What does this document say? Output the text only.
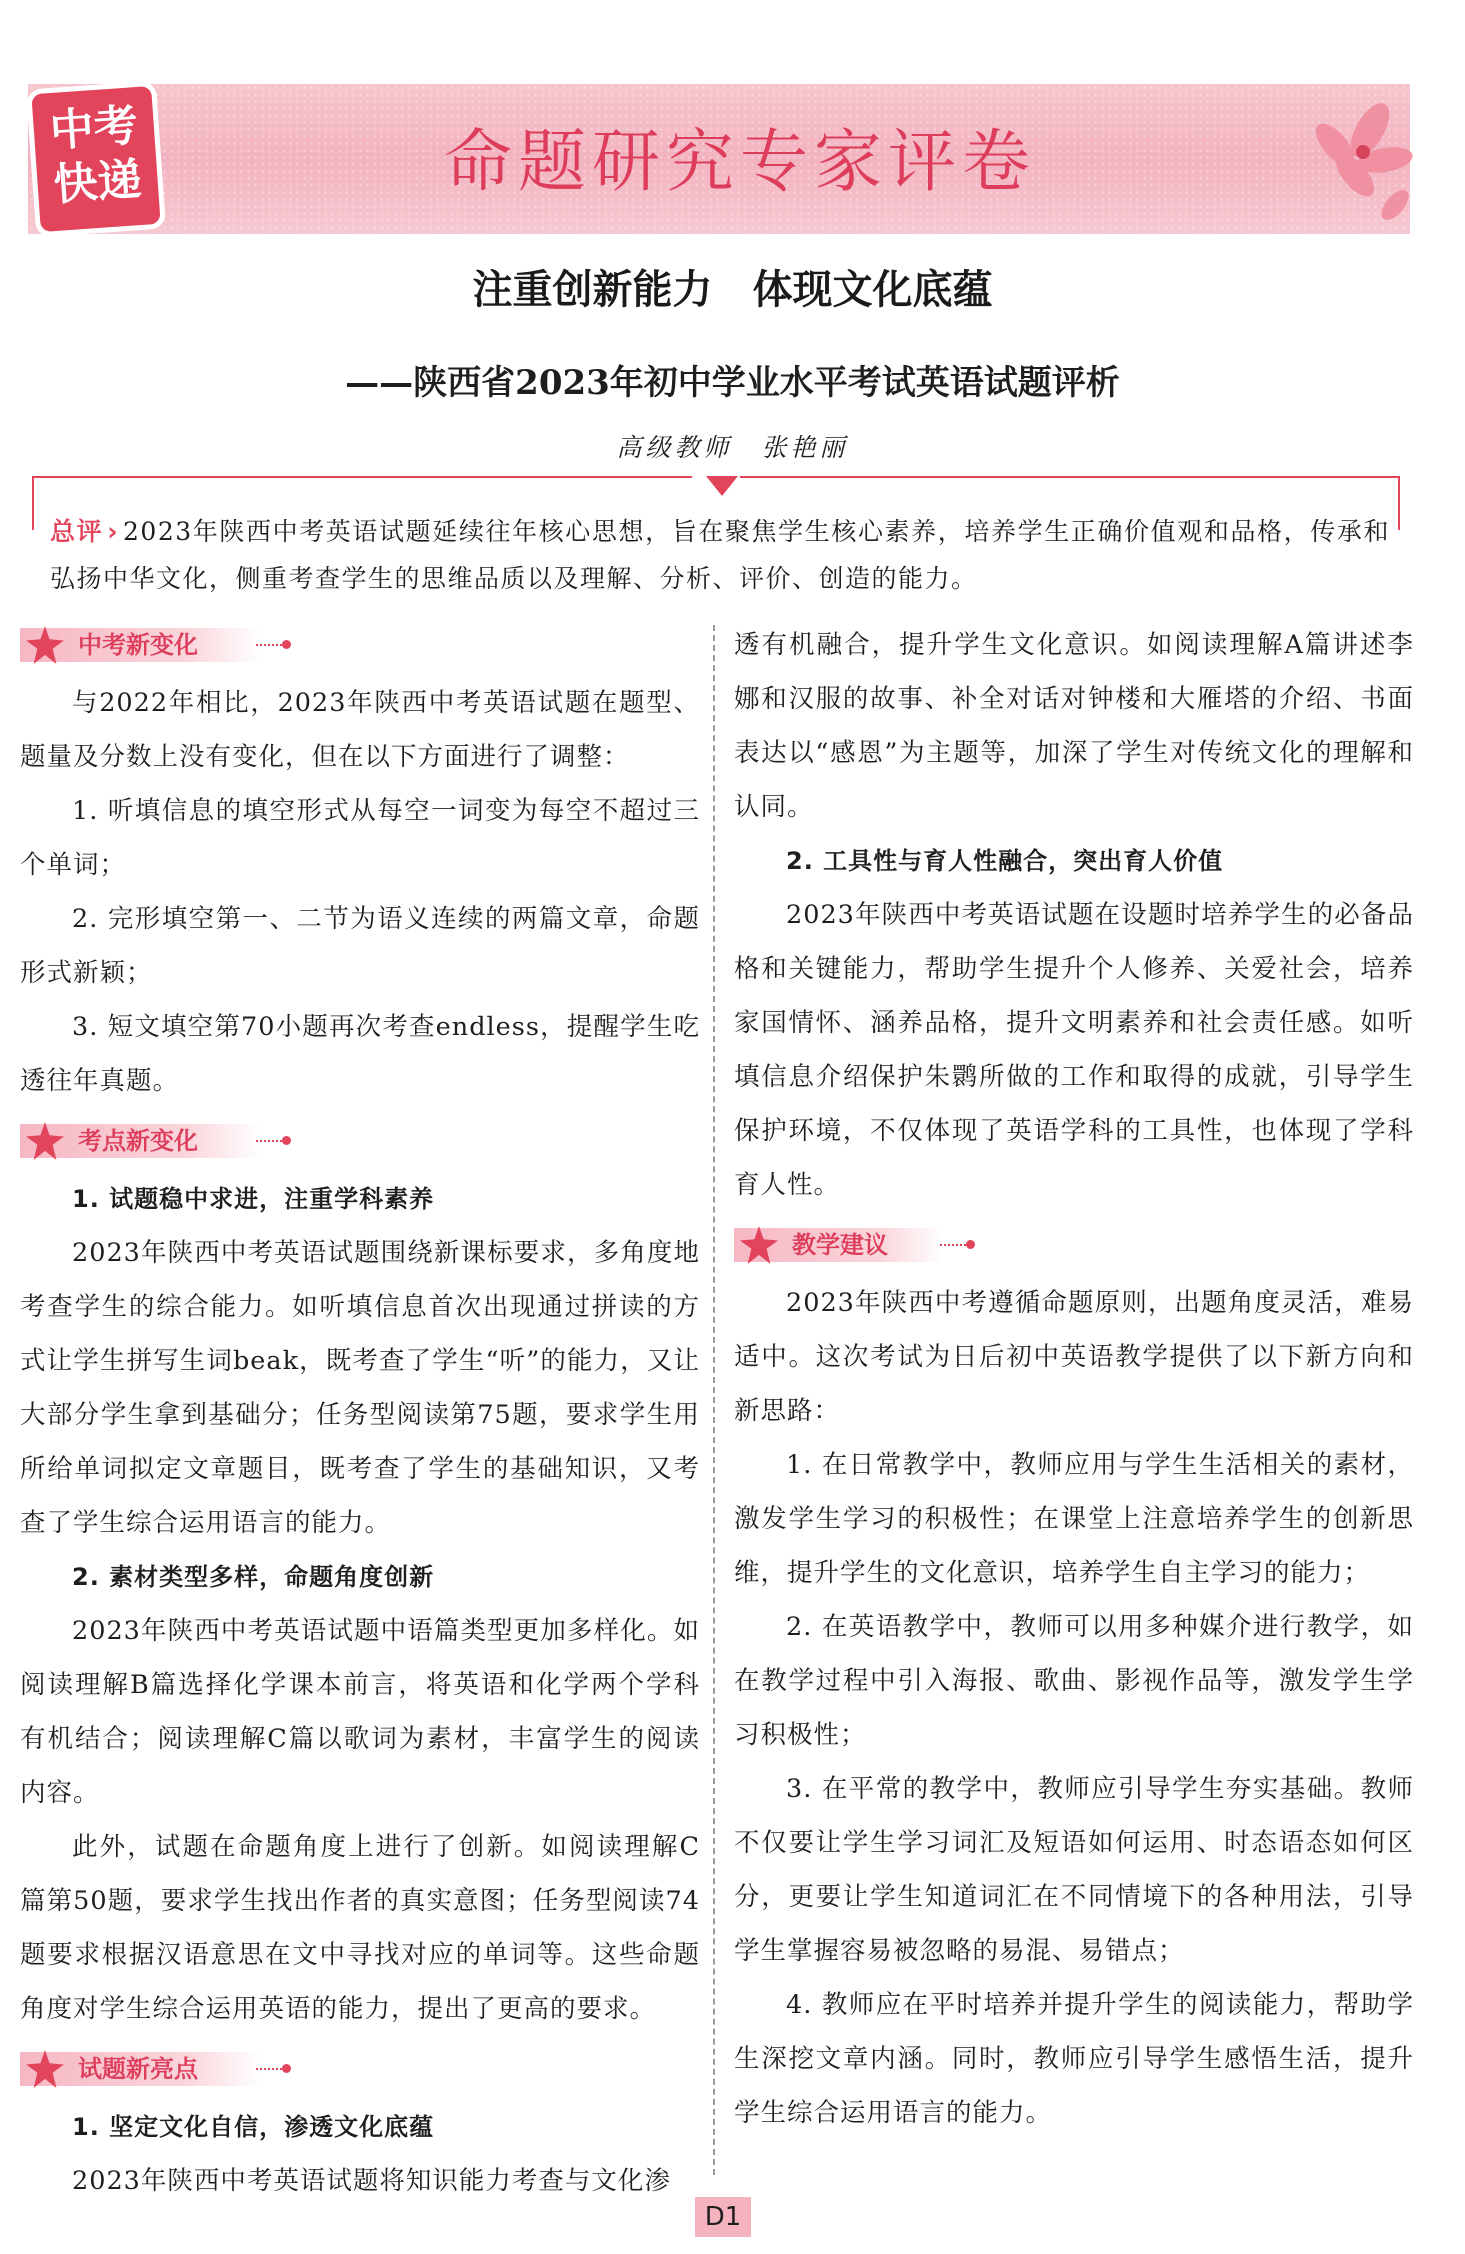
中考
快递	命题研究专家评卷
注重创新能力　体现文化底蕴
——陕西省2023年初中学业水平考试英语试题评析
高级教师　张艳丽
总评 › 2023年陕西中考英语试题延续往年核心思想，旨在聚焦学生核心素养，培养学生正确价值观和品格，传承和弘扬中华文化，侧重考查学生的思维品质以及理解、分析、评价、创造的能力。
中考新变化

与2022年相比，2023年陕西中考英语试题在题型、题量及分数上没有变化，但在以下方面进行了调整：

1. 听填信息的填空形式从每空一词变为每空不超过三个单词；

2. 完形填空第一、二节为语义连续的两篇文章，命题形式新颖；

3. 短文填空第70小题再次考查endless，提醒学生吃透往年真题。

考点新变化

1. 试题稳中求进，注重学科素养

2023年陕西中考英语试题围绕新课标要求，多角度地考查学生的综合能力。如听填信息首次出现通过拼读的方式让学生拼写生词beak，既考查了学生“听”的能力，又让大部分学生拿到基础分；任务型阅读第75题，要求学生用所给单词拟定文章题目，既考查了学生的基础知识，又考查了学生综合运用语言的能力。

2. 素材类型多样，命题角度创新

2023年陕西中考英语试题中语篇类型更加多样化。如阅读理解B篇选择化学课本前言，将英语和化学两个学科有机结合；阅读理解C篇以歌词为素材，丰富学生的阅读内容。

此外，试题在命题角度上进行了创新。如阅读理解C篇第50题，要求学生找出作者的真实意图；任务型阅读74题要求根据汉语意思在文中寻找对应的单词等。这些命题角度对学生综合运用英语的能力，提出了更高的要求。

试题新亮点

1. 坚定文化自信，渗透文化底蕴

2023年陕西中考英语试题将知识能力考查与文化渗

透有机融合，提升学生文化意识。如阅读理解A篇讲述李娜和汉服的故事、补全对话对钟楼和大雁塔的介绍、书面表达以“感恩”为主题等，加深了学生对传统文化的理解和认同。

2. 工具性与育人性融合，突出育人价值

2023年陕西中考英语试题在设题时培养学生的必备品格和关键能力，帮助学生提升个人修养、关爱社会，培养家国情怀、涵养品格，提升文明素养和社会责任感。如听填信息介绍保护朱鹮所做的工作和取得的成就，引导学生保护环境，不仅体现了英语学科的工具性，也体现了学科育人性。

教学建议

2023年陕西中考遵循命题原则，出题角度灵活，难易适中。这次考试为日后初中英语教学提供了以下新方向和新思路：

1. 在日常教学中，教师应用与学生生活相关的素材，激发学生学习的积极性；在课堂上注意培养学生的创新思维，提升学生的文化意识，培养学生自主学习的能力；

2. 在英语教学中，教师可以用多种媒介进行教学，如在教学过程中引入海报、歌曲、影视作品等，激发学生学习积极性；

3. 在平常的教学中，教师应引导学生夯实基础。教师不仅要让学生学习词汇及短语如何运用、时态语态如何区分，更要让学生知道词汇在不同情境下的各种用法，引导学生掌握容易被忽略的易混、易错点；

4. 教师应在平时培养并提升学生的阅读能力，帮助学生深挖文章内涵。同时，教师应引导学生感悟生活，提升学生综合运用语言的能力。

D1
